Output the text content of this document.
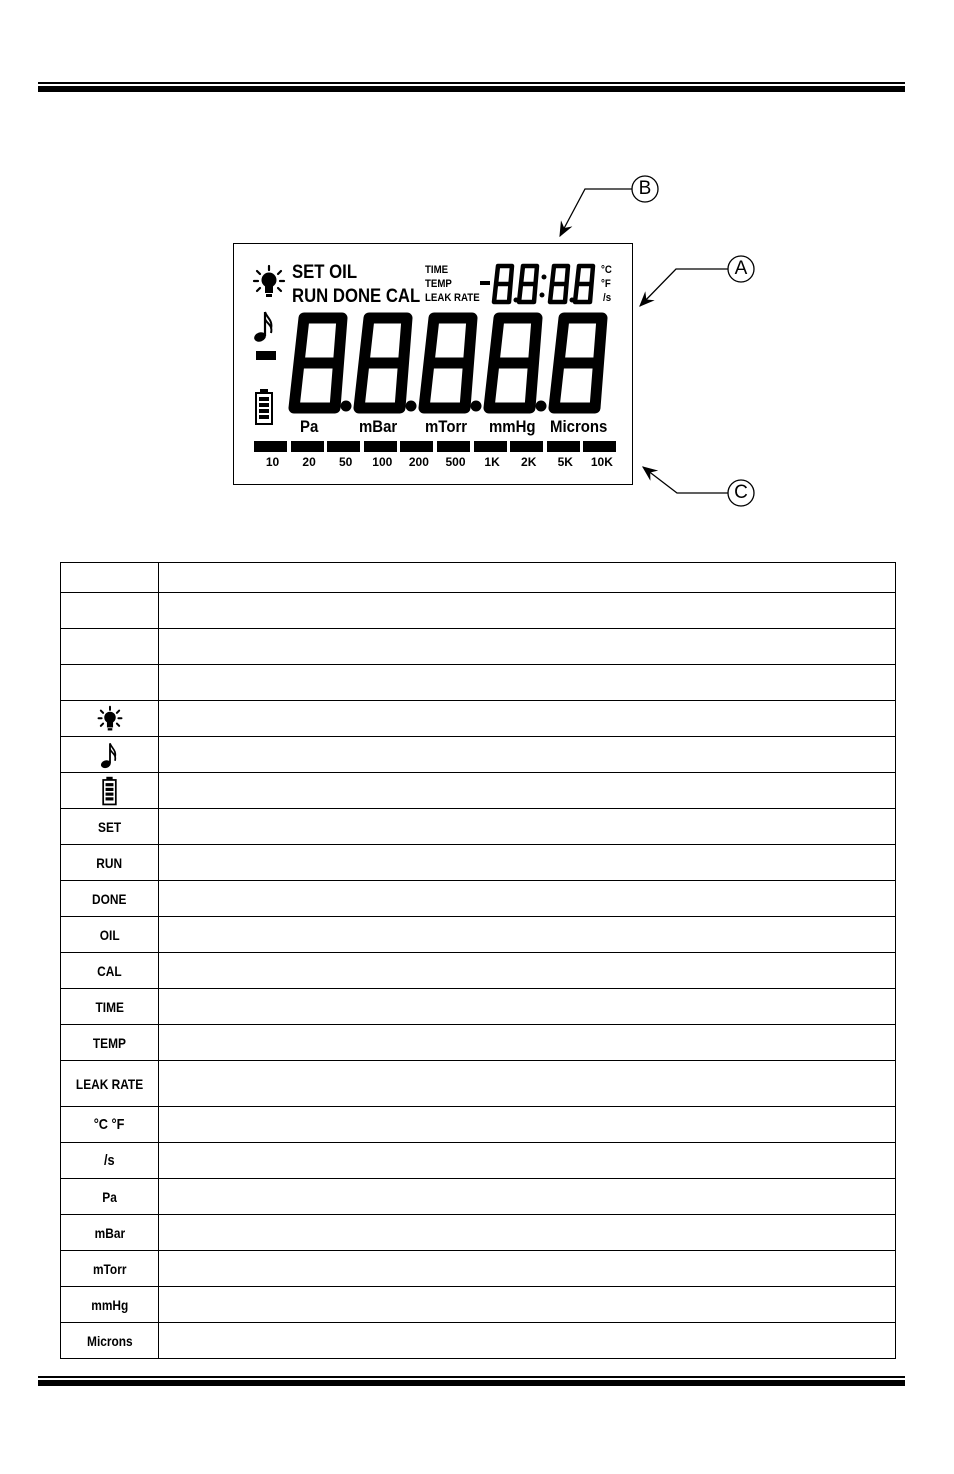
B
A
C
SET OIL
RUN DONE CAL
TIME
TEMP
LEAK RATE
°C
°F
/s
Pa mBar mTorr mmHg Microns
10	20	50	100	200	500	1K	2K	5K	10K

SET	
RUN	
DONE	
OIL	
CAL	
TIME	
TEMP	
LEAK RATE	
°C °F	
/s	
Pa	
mBar	
mTorr	
mmHg	
Microns	
